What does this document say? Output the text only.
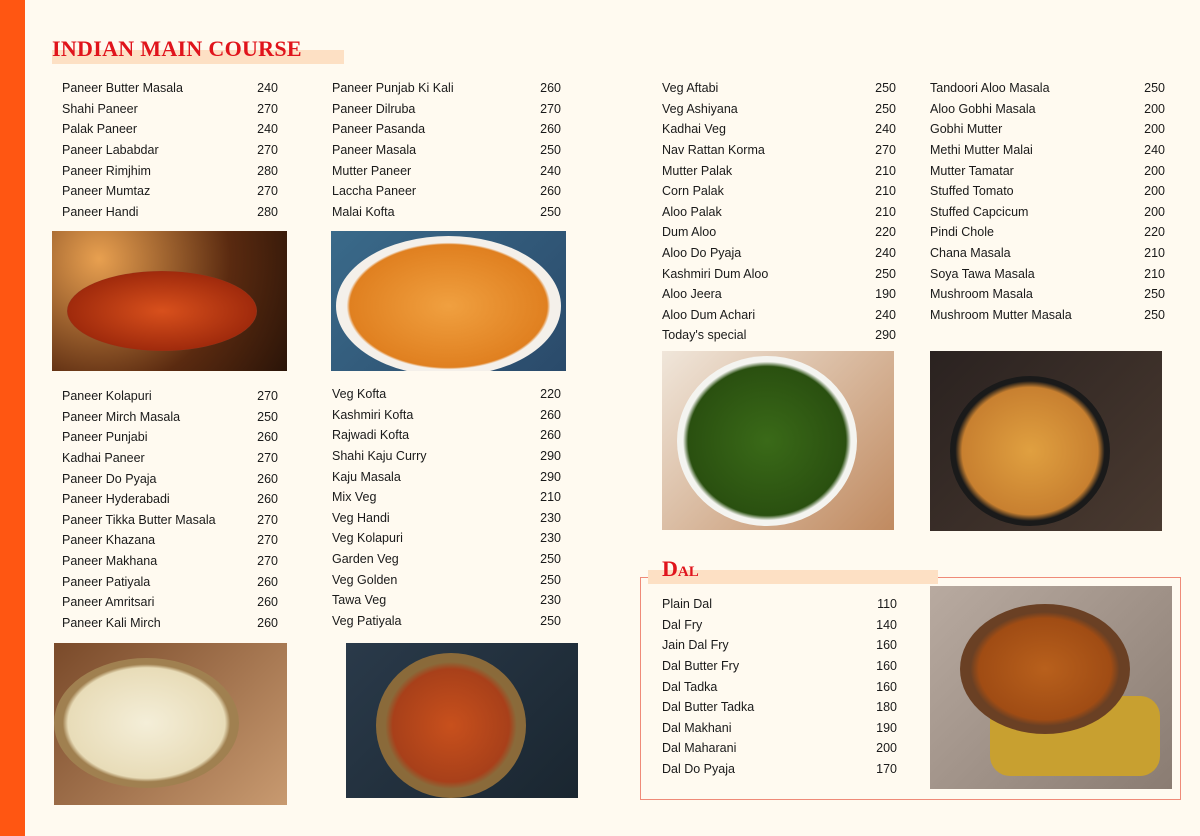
INDIAN MAIN COURSE
Paneer Butter Masala	240
Shahi Paneer	270
Palak Paneer	240
Paneer Lababdar	270
Paneer Rimjhim	280
Paneer Mumtaz	270
Paneer Handi	280
Paneer Punjab Ki Kali	260
Paneer Dilruba	270
Paneer Pasanda	260
Paneer Masala	250
Mutter Paneer	240
Laccha Paneer	260
Malai Kofta	250
Paneer Kolapuri	270
Paneer Mirch Masala	250
Paneer Punjabi	260
Kadhai Paneer	270
Paneer Do Pyaja	260
Paneer Hyderabadi	260
Paneer Tikka Butter Masala	270
Paneer Khazana	270
Paneer Makhana	270
Paneer Patiyala	260
Paneer Amritsari	260
Paneer Kali Mirch	260
Veg Kofta	220
Kashmiri Kofta	260
Rajwadi Kofta	260
Shahi Kaju Curry	290
Kaju Masala	290
Mix Veg	210
Veg Handi	230
Veg Kolapuri	230
Garden Veg	250
Veg Golden	250
Tawa Veg	230
Veg Patiyala	250
Veg Aftabi	250
Veg Ashiyana	250
Kadhai Veg	240
Nav Rattan Korma	270
Mutter Palak	210
Corn Palak	210
Aloo Palak	210
Dum Aloo	220
Aloo Do Pyaja	240
Kashmiri Dum Aloo	250
Aloo Jeera	190
Aloo Dum Achari	240
Today's special	290
Tandoori Aloo Masala	250
Aloo Gobhi Masala	200
Gobhi Mutter	200
Methi Mutter Malai	240
Mutter Tamatar	200
Stuffed Tomato	200
Stuffed Capcicum	200
Pindi Chole	220
Chana Masala	210
Soya Tawa Masala	210
Mushroom Masala	250
Mushroom Mutter Masala	250
Dal
Plain Dal	110
Dal Fry	140
Jain Dal Fry	160
Dal Butter Fry	160
Dal Tadka	160
Dal Butter Tadka	180
Dal Makhani	190
Dal Maharani	200
Dal Do Pyaja	170
